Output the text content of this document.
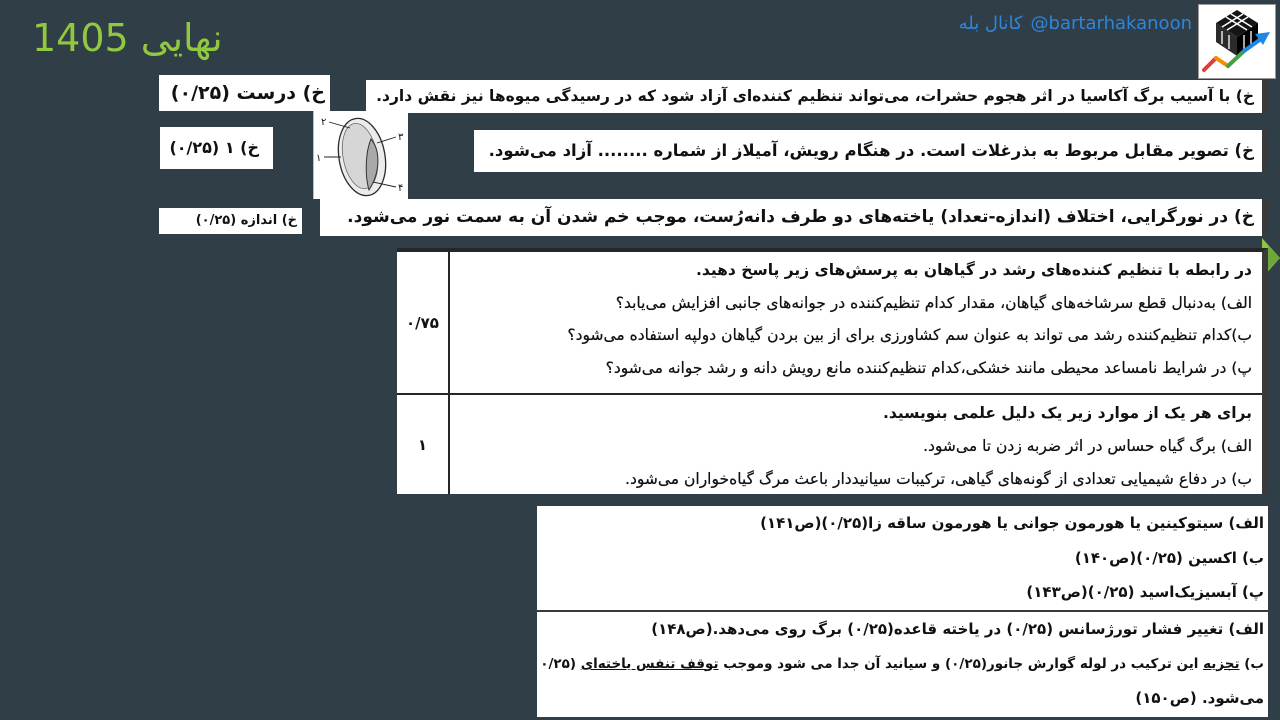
نهایی 1405	کانال بله @bartarhakanoon
خ) درست (۰/۲۵)
خ) ۱ (۰/۲۵)
خ) اندازه (۰/۲۵)
۲
۳
۱
۴
خ) با آسیب برگ آکاسیا در اثر هجوم حشرات، می‌تواند تنظیم کننده‌ای آزاد شود که در رسیدگی میوه‌ها نیز نقش دارد.
خ) تصویر مقابل مربوط به بذرغلات است. در هنگام رویش، آمیلاز از شماره ........ آزاد می‌شود.
خ) در نورگرایی، اختلاف (اندازه-تعداد) یاخته‌های دو طرف دانه‌رُست، موجب خم شدن آن به سمت نور می‌شود.
۰/۷۵
در رابطه با تنظیم کننده‌های رشد در گیاهان به پرسش‌های زیر پاسخ دهید.
الف) به‌دنبال قطع سرشاخه‌های گیاهان، مقدار کدام تنظیم‌کننده در جوانه‌های جانبی افزایش می‌یابد؟
ب)کدام تنظیم‌کننده رشد می تواند به عنوان سم کشاورزی برای از بین بردن گیاهان دولپه استفاده می‌شود؟
پ) در شرایط نامساعد محیطی مانند خشکی،کدام تنظیم‌کننده مانع رویش دانه و رشد جوانه می‌شود؟
۱
برای هر یک از موارد زیر یک دلیل علمی بنویسید.
الف) برگ گیاه حساس در اثر ضربه زدن تا می‌شود.
ب) در دفاع شیمیایی تعدادی از گونه‌های گیاهی، ترکیبات سیانیددار باعث مرگ گیاه‌خواران می‌شود.
الف) سیتوکینین یا هورمون جوانی یا هورمون ساقه زا(۰/۲۵)(ص۱۴۱)
ب) اکسین (۰/۲۵)(ص۱۴۰)
پ) آبسیزیک‌اسید (۰/۲۵)(ص۱۴۳)
الف) تغییر فشار تورژسانس (۰/۲۵) در یاخته قاعده(۰/۲۵) برگ روی می‌دهد.(ص۱۴۸)
ب) تجزیه این ترکیب در لوله گوارش جانور(۰/۲۵) و سیانید آن جدا می شود وموجب توقف تنفس یاخته‌ای (۰/۲۵
می‌شود. (ص۱۵۰)
